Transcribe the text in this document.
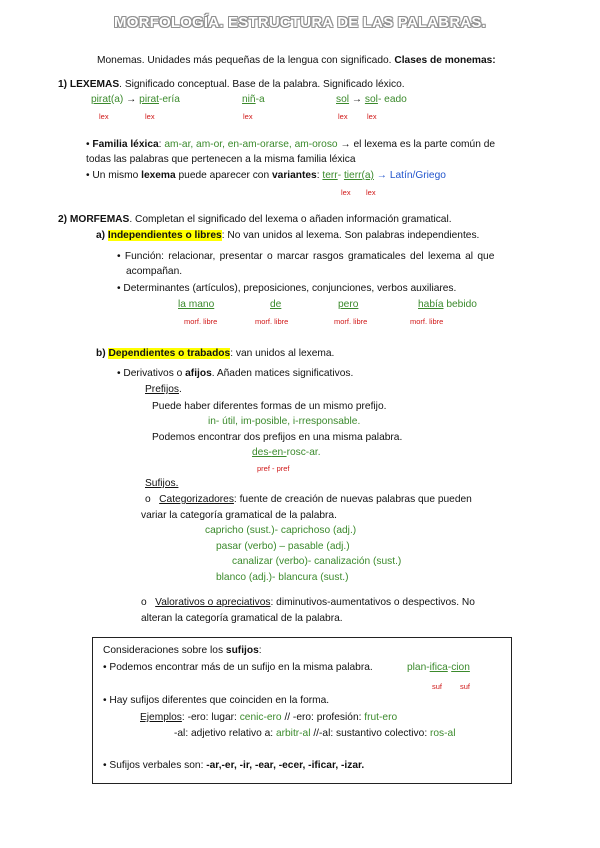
MORFOLOGÍA. ESTRUCTURA DE LAS PALABRAS.
Monemas. Unidades más pequeñas de la lengua con significado. Clases de monemas:
1) LEXEMAS. Significado conceptual. Base de la palabra. Significado léxico.
pirat(a) → pirat-ería	niñ-a	sol → sol- eado
lex	lex	lex	lex	lex
• Familia léxica: am-ar, am-or, en-am-orarse, am-oroso → el lexema es la parte común de
todas las palabras que pertenecen a la misma familia léxica
• Un mismo lexema puede aparecer con variantes: terr- tierr(a) → Latín/Griego
lex lex
2) MORFEMAS. Completan el significado del lexema o añaden información gramatical.
a) Independientes o libres: No van unidos al lexema. Son palabras independientes.
• Función: relacionar, presentar o marcar rasgos gramaticales del lexema al que
acompañan.
• Determinantes (artículos), preposiciones, conjunciones, verbos auxiliares.
la mano	de	pero	había bebido
morf. libre	morf. libre	morf. libre	morf. libre
b) Dependientes o trabados: van unidos al lexema.
• Derivativos o afijos. Añaden matices significativos.
Prefijos.
Puede haber diferentes formas de un mismo prefijo.
in- útil, im-posible, i-rresponsable.
Podemos encontrar dos prefijos en una misma palabra.
des-en-rosc-ar.
pref - pref
Sufijos.
o Categorizadores: fuente de creación de nuevas palabras que pueden
variar la categoría gramatical de la palabra.
capricho (sust.)- caprichoso (adj.)
pasar (verbo) – pasable (adj.)
canalizar (verbo)- canalización (sust.)
blanco (adj.)- blancura (sust.)
o Valorativos o apreciativos: diminutivos-aumentativos o despectivos. No
alteran la categoría gramatical de la palabra.
Consideraciones sobre los sufijos:
• Podemos encontrar más de un sufijo en la misma palabra.	plan-ifica-cion
suf suf
• Hay sufijos diferentes que coinciden en la forma.
Ejemplos: -ero: lugar: cenic-ero // -ero: profesión: frut-ero
-al: adjetivo relativo a: arbitr-al //-al: sustantivo colectivo: ros-al
• Sufijos verbales son: -ar,-er, -ir, -ear, -ecer, -ificar, -izar.
